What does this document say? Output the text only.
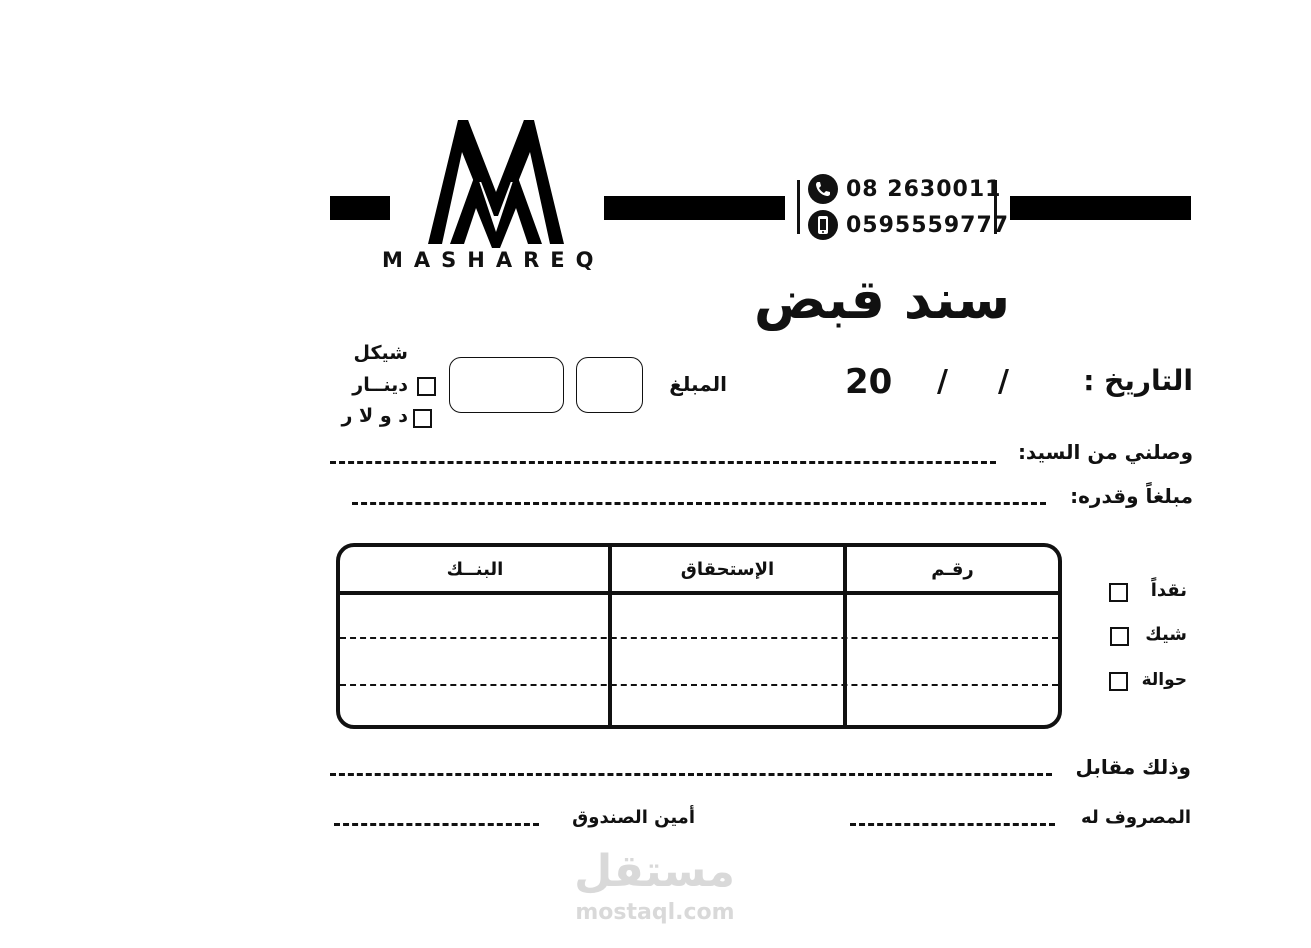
MASHAREQ
08 2630011
0595559777
سند قبض
شيكل
دينــار
د و لا ر
المبلغ	20 / /	التاريخ :
وصلني من السيد:
مبلغاً وقدره:
البنــك	الإستحقاق	رقـم
نقداً
شيك
حوالة
وذلك مقابل
المصروف له
أمين الصندوق
مستقل
mostaql.com
